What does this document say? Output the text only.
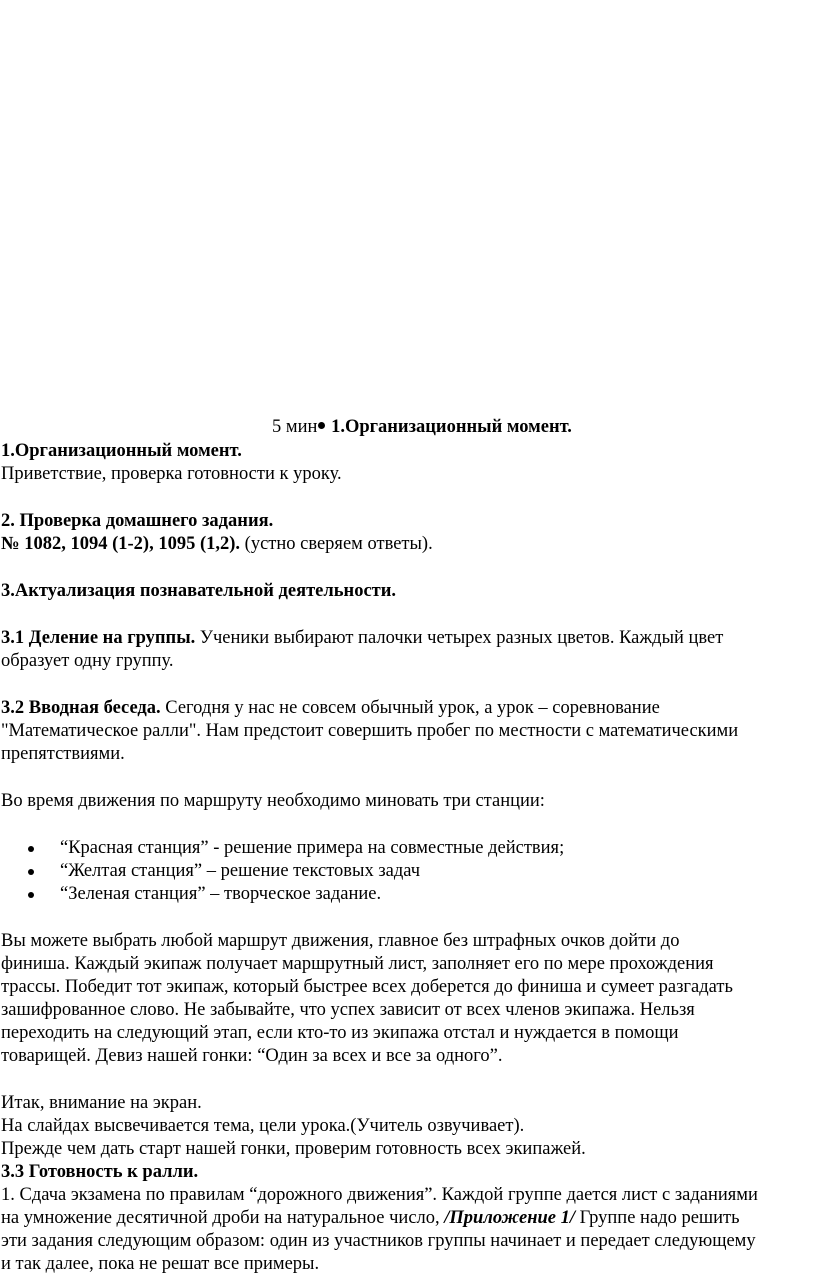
5 мин 1.Организационный момент.

1.Организационный момент.

Приветствие, проверка готовности к уроку.

2. Проверка домашнего задания.

№ 1082, 1094 (1-2), 1095 (1,2). (устно сверяем ответы).

3.Актуализация познавательной деятельности.

3.1 Деление на группы. Ученики выбирают палочки четырех разных цветов. Каждый цвет

образует одну группу.

3.2 Вводная беседа. Сегодня у нас не совсем обычный урок, а урок – соревнование

"Математическое ралли". Нам предстоит совершить пробег по местности с математическими

препятствиями.

Во время движения по маршруту необходимо миновать три станции:

“Красная станция” - решение примера на совместные действия;
“Желтая станция” – решение текстовых задач
“Зеленая станция” – творческое задание.

Вы можете выбрать любой маршрут движения, главное без штрафных очков дойти до

финиша. Каждый экипаж получает маршрутный лист, заполняет его по мере прохождения

трассы. Победит тот экипаж, который быстрее всех доберется до финиша и сумеет разгадать

зашифрованное слово. Не забывайте, что успех зависит от всех членов экипажа. Нельзя

переходить на следующий этап, если кто-то из экипажа отстал и нуждается в помощи

товарищей. Девиз нашей гонки: “Один за всех и все за одного”.

Итак, внимание на экран.

На слайдах высвечивается тема, цели урока.(Учитель озвучивает).

Прежде чем дать старт нашей гонки, проверим готовность всех экипажей.

3.3 Готовность к ралли.

1. Сдача экзамена по правилам “дорожного движения”. Каждой группе дается лист с заданиями

на умножение десятичной дроби на натуральное число, /Приложение 1/ Группе надо решить

эти задания следующим образом: один из участников группы начинает и передает следующему

и так далее, пока не решат все примеры.
